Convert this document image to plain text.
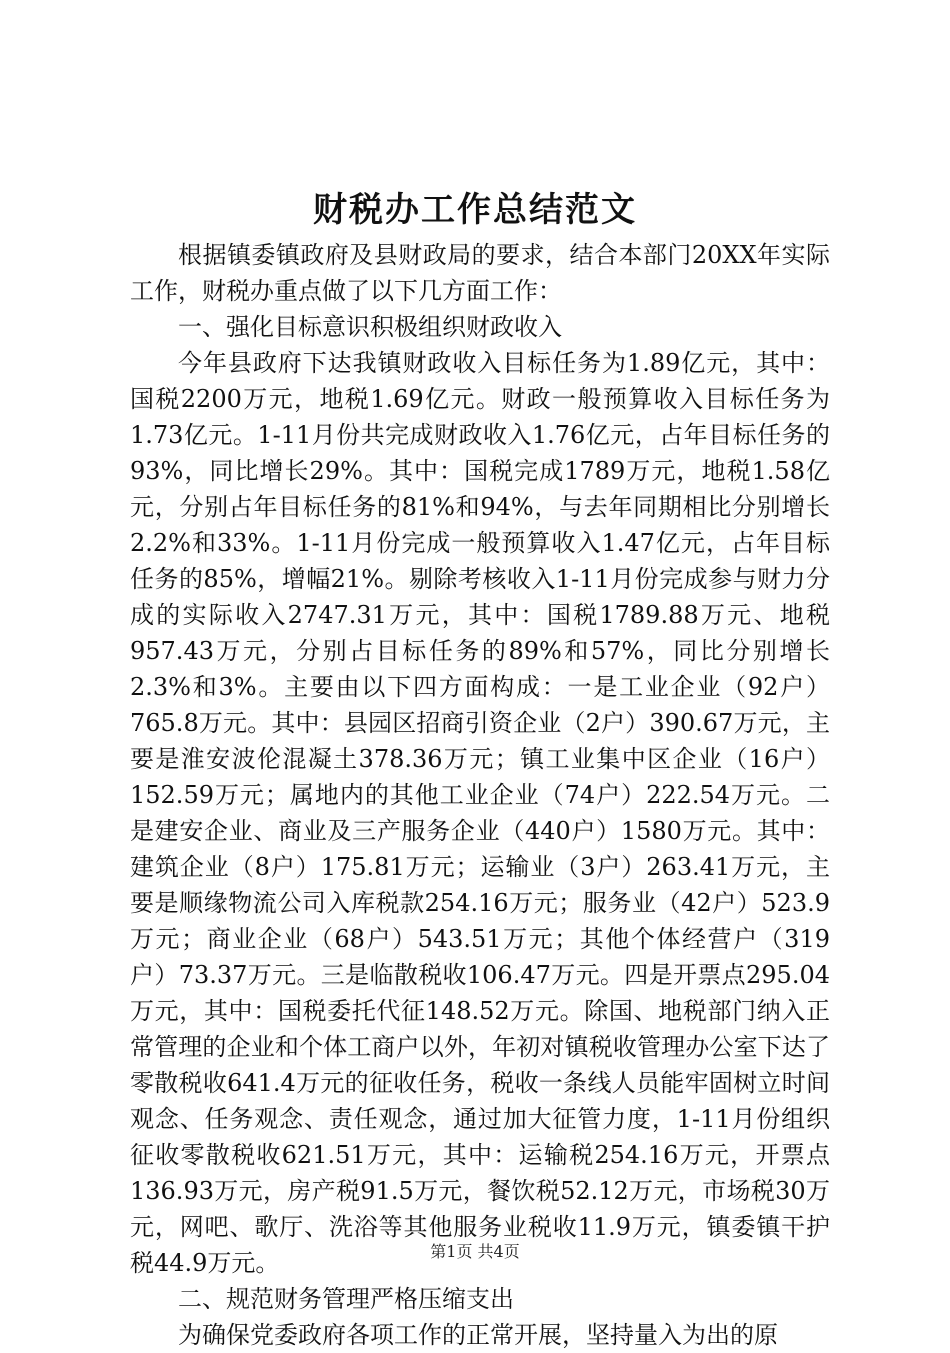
财税办工作总结范文

根据镇委镇政府及县财政局的要求，结合本部门20XX年实际工作，财税办重点做了以下几方面工作：

一、强化目标意识积极组织财政收入

今年县政府下达我镇财政收入目标任务为1.89亿元，其中：国税2200万元，地税1.69亿元。财政一般预算收入目标任务为1.73亿元。1-11月份共完成财政收入1.76亿元，占年目标任务的93%，同比增长29%。其中：国税完成1789万元，地税1.58亿元，分别占年目标任务的81%和94%，与去年同期相比分别增长2.2%和33%。1-11月份完成一般预算收入1.47亿元，占年目标任务的85%，增幅21%。剔除考核收入1-11月份完成参与财力分成的实际收入2747.31万元，其中：国税1789.88万元、地税957.43万元，分别占目标任务的89%和57%，同比分别增长2.3%和3%。主要由以下四方面构成：一是工业企业（92户）765.8万元。其中：县园区招商引资企业（2户）390.67万元，主要是淮安波伦混凝土378.36万元；镇工业集中区企业（16户）152.59万元；属地内的其他工业企业（74户）222.54万元。二是建安企业、商业及三产服务企业（440户）1580万元。其中：建筑企业（8户）175.81万元；运输业（3户）263.41万元，主要是顺缘物流公司入库税款254.16万元；服务业（42户）523.9万元；商业企业（68户）543.51万元；其他个体经营户（319户）73.37万元。三是临散税收106.47万元。四是开票点295.04万元，其中：国税委托代征148.52万元。除国、地税部门纳入正常管理的企业和个体工商户以外，年初对镇税收管理办公室下达了零散税收641.4万元的征收任务，税收一条线人员能牢固树立时间观念、任务观念、责任观念，通过加大征管力度，1-11月份组织征收零散税收621.51万元，其中：运输税254.16万元，开票点136.93万元，房产税91.5万元，餐饮税52.12万元，市场税30万元，网吧、歌厅、洗浴等其他服务业税收11.9万元，镇委镇干护税44.9万元。

二、规范财务管理严格压缩支出

为确保党委政府各项工作的正常开展，坚持量入为出的原

第1页 共4页
